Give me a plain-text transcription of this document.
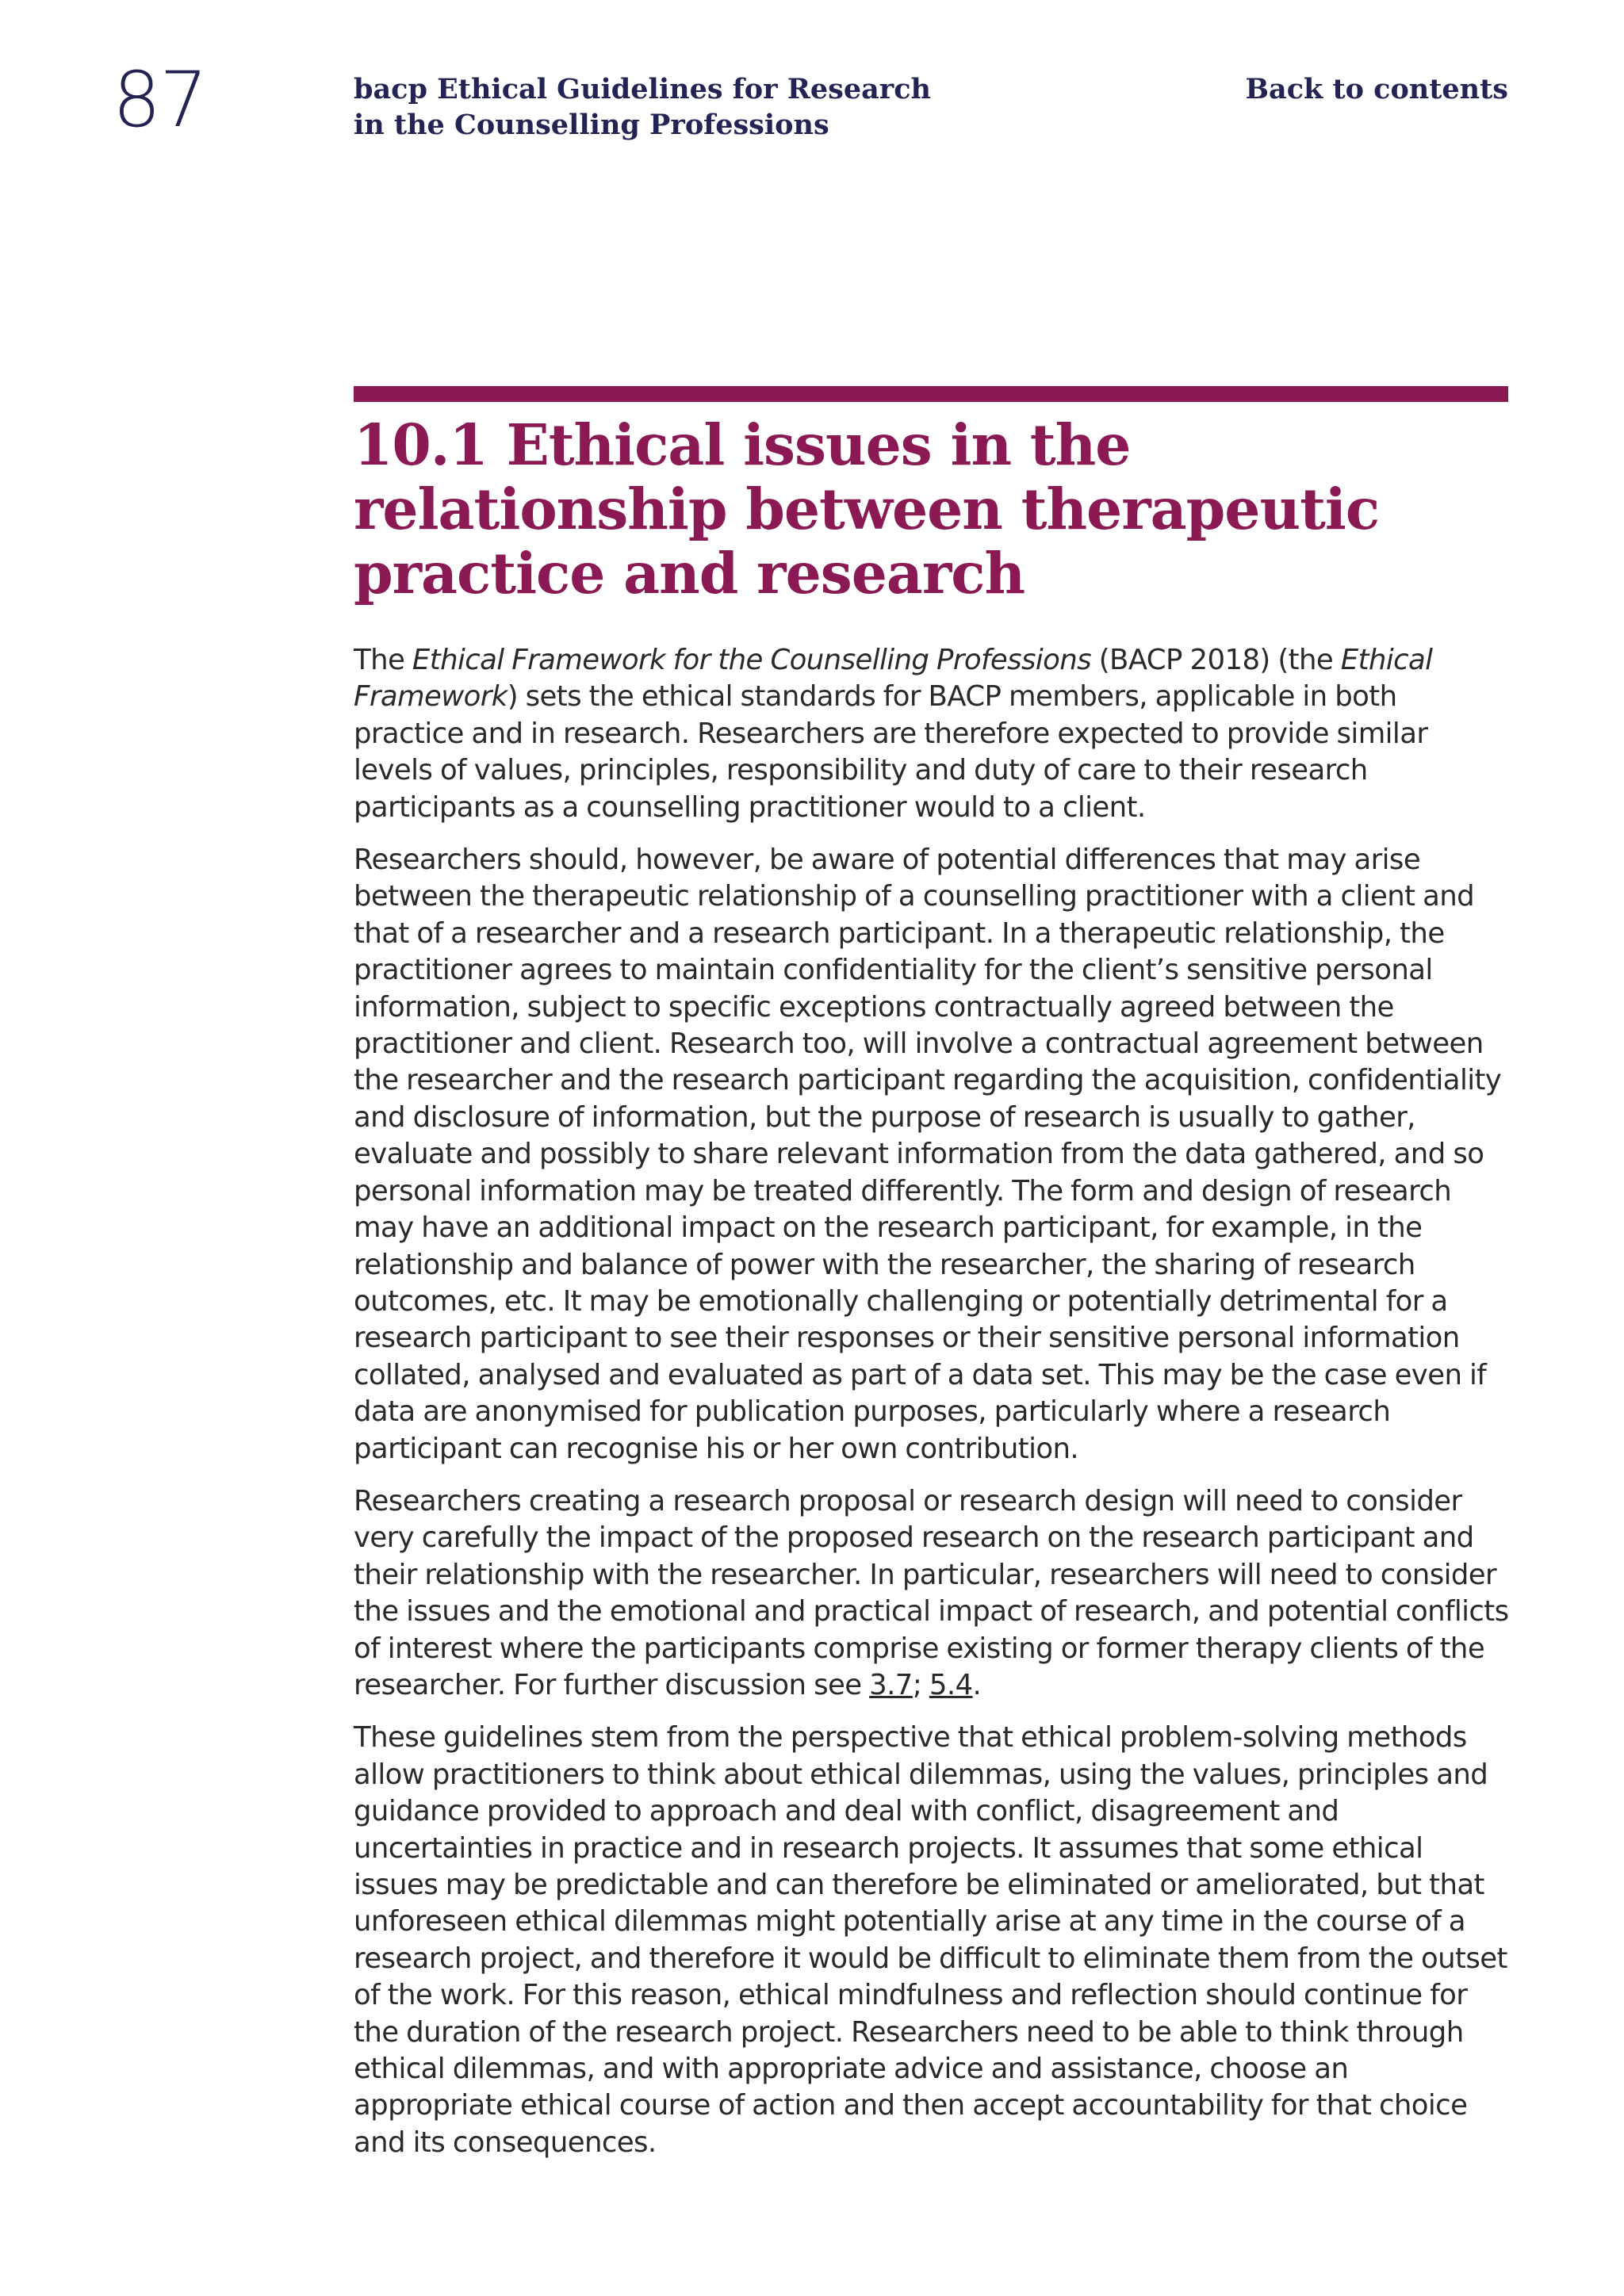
87	bacp Ethical Guidelines for Research
in the Counselling Professions
Back to contents
10.1 Ethical issues in the relationship between therapeutic practice and research

The Ethical Framework for the Counselling Professions (BACP 2018) (the Ethical Framework) sets the ethical standards for BACP members, applicable in both practice and in research. Researchers are therefore expected to provide similar levels of values, principles, responsibility and duty of care to their research participants as a counselling practitioner would to a client.

Researchers should, however, be aware of potential differences that may arise between the therapeutic relationship of a counselling practitioner with a client and that of a researcher and a research participant. In a therapeutic relationship, the practitioner agrees to maintain confidentiality for the client’s sensitive personal information, subject to specific exceptions contractually agreed between the practitioner and client. Research too, will involve a contractual agreement between the researcher and the research participant regarding the acquisition, confidentiality and disclosure of information, but the purpose of research is usually to gather, evaluate and possibly to share relevant information from the data gathered, and so personal information may be treated differently. The form and design of research may have an additional impact on the research participant, for example, in the relationship and balance of power with the researcher, the sharing of research outcomes, etc. It may be emotionally challenging or potentially detrimental for a research participant to see their responses or their sensitive personal information collated, analysed and evaluated as part of a data set. This may be the case even if data are anonymised for publication purposes, particularly where a research participant can recognise his or her own contribution.

Researchers creating a research proposal or research design will need to consider very carefully the impact of the proposed research on the research participant and their relationship with the researcher. In particular, researchers will need to consider the issues and the emotional and practical impact of research, and potential conflicts of interest where the participants comprise existing or former therapy clients of the researcher. For further discussion see 3.7; 5.4.

These guidelines stem from the perspective that ethical problem-solving methods allow practitioners to think about ethical dilemmas, using the values, principles and guidance provided to approach and deal with conflict, disagreement and uncertainties in practice and in research projects. It assumes that some ethical issues may be predictable and can therefore be eliminated or ameliorated, but that unforeseen ethical dilemmas might potentially arise at any time in the course of a research project, and therefore it would be difficult to eliminate them from the outset of the work. For this reason, ethical mindfulness and reflection should continue for the duration of the research project. Researchers need to be able to think through ethical dilemmas, and with appropriate advice and assistance, choose an appropriate ethical course of action and then accept accountability for that choice and its consequences.
